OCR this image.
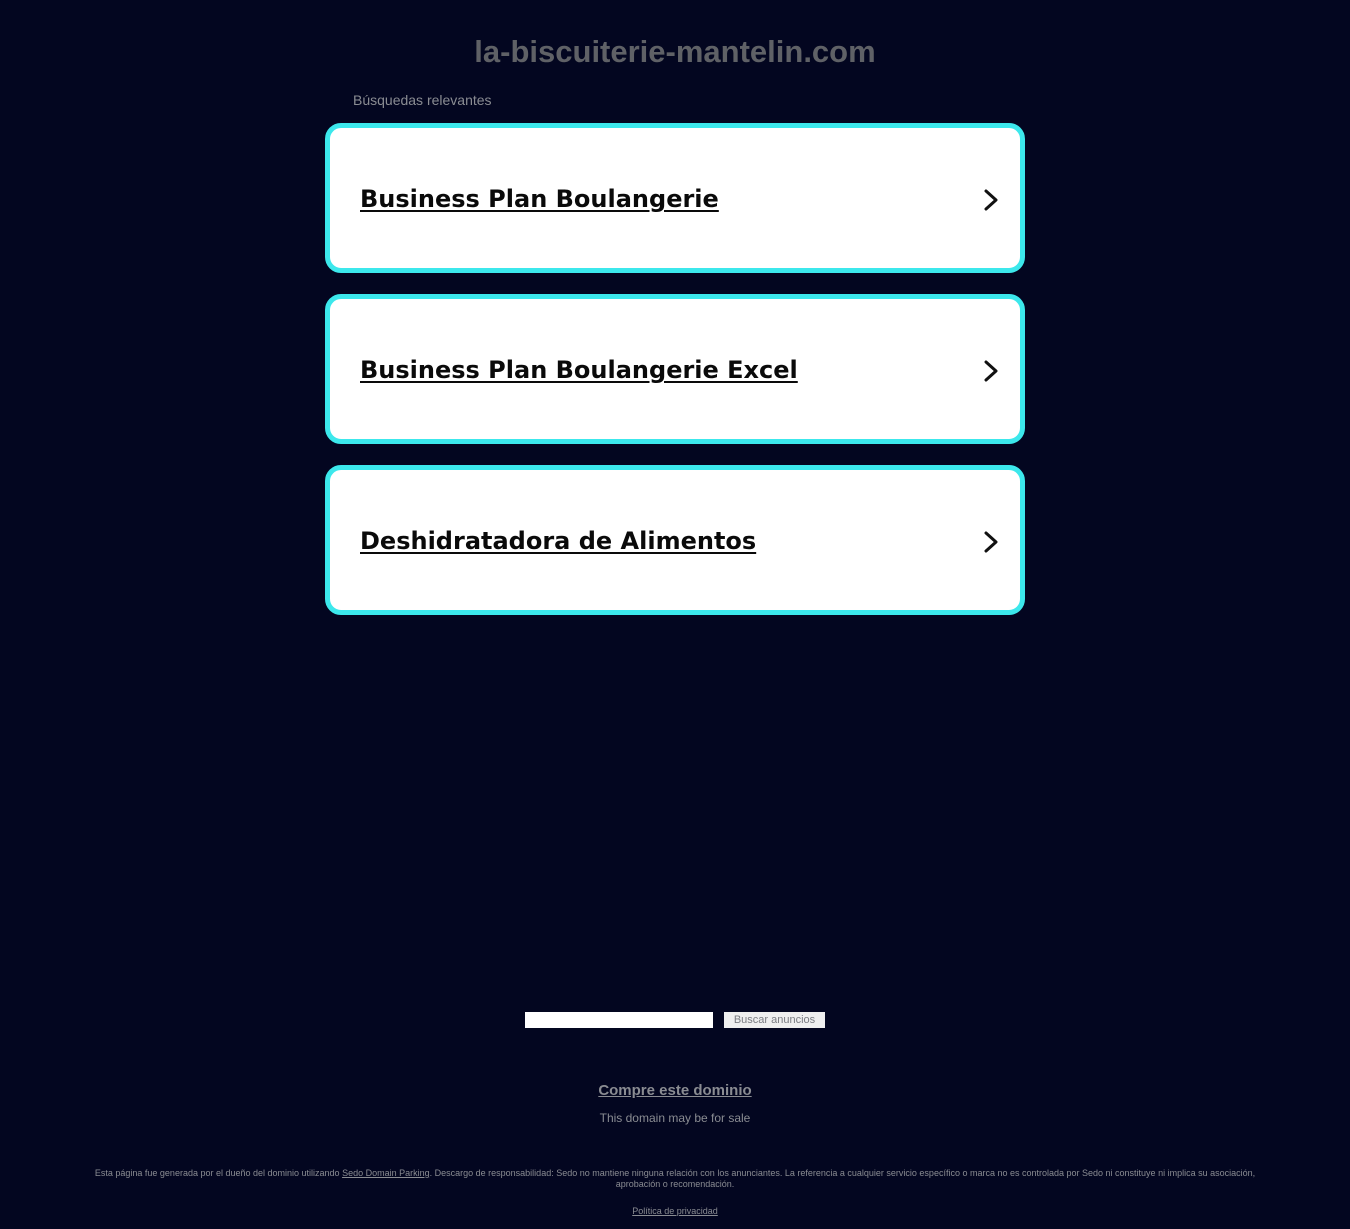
la-biscuiterie-mantelin.com
Búsquedas relevantes
Business Plan Boulangerie
Business Plan Boulangerie Excel
Deshidratadora de Alimentos
Buscar anuncios
Compre este dominio
This domain may be for sale
Esta página fue generada por el dueño del dominio utilizando Sedo Domain Parking. Descargo de responsabilidad: Sedo no mantiene ninguna relación con los anunciantes. La referencia a cualquier servicio específico o marca no es controlada por Sedo ni constituye ni implica su asociación, aprobación o recomendación.
Política de privacidad
